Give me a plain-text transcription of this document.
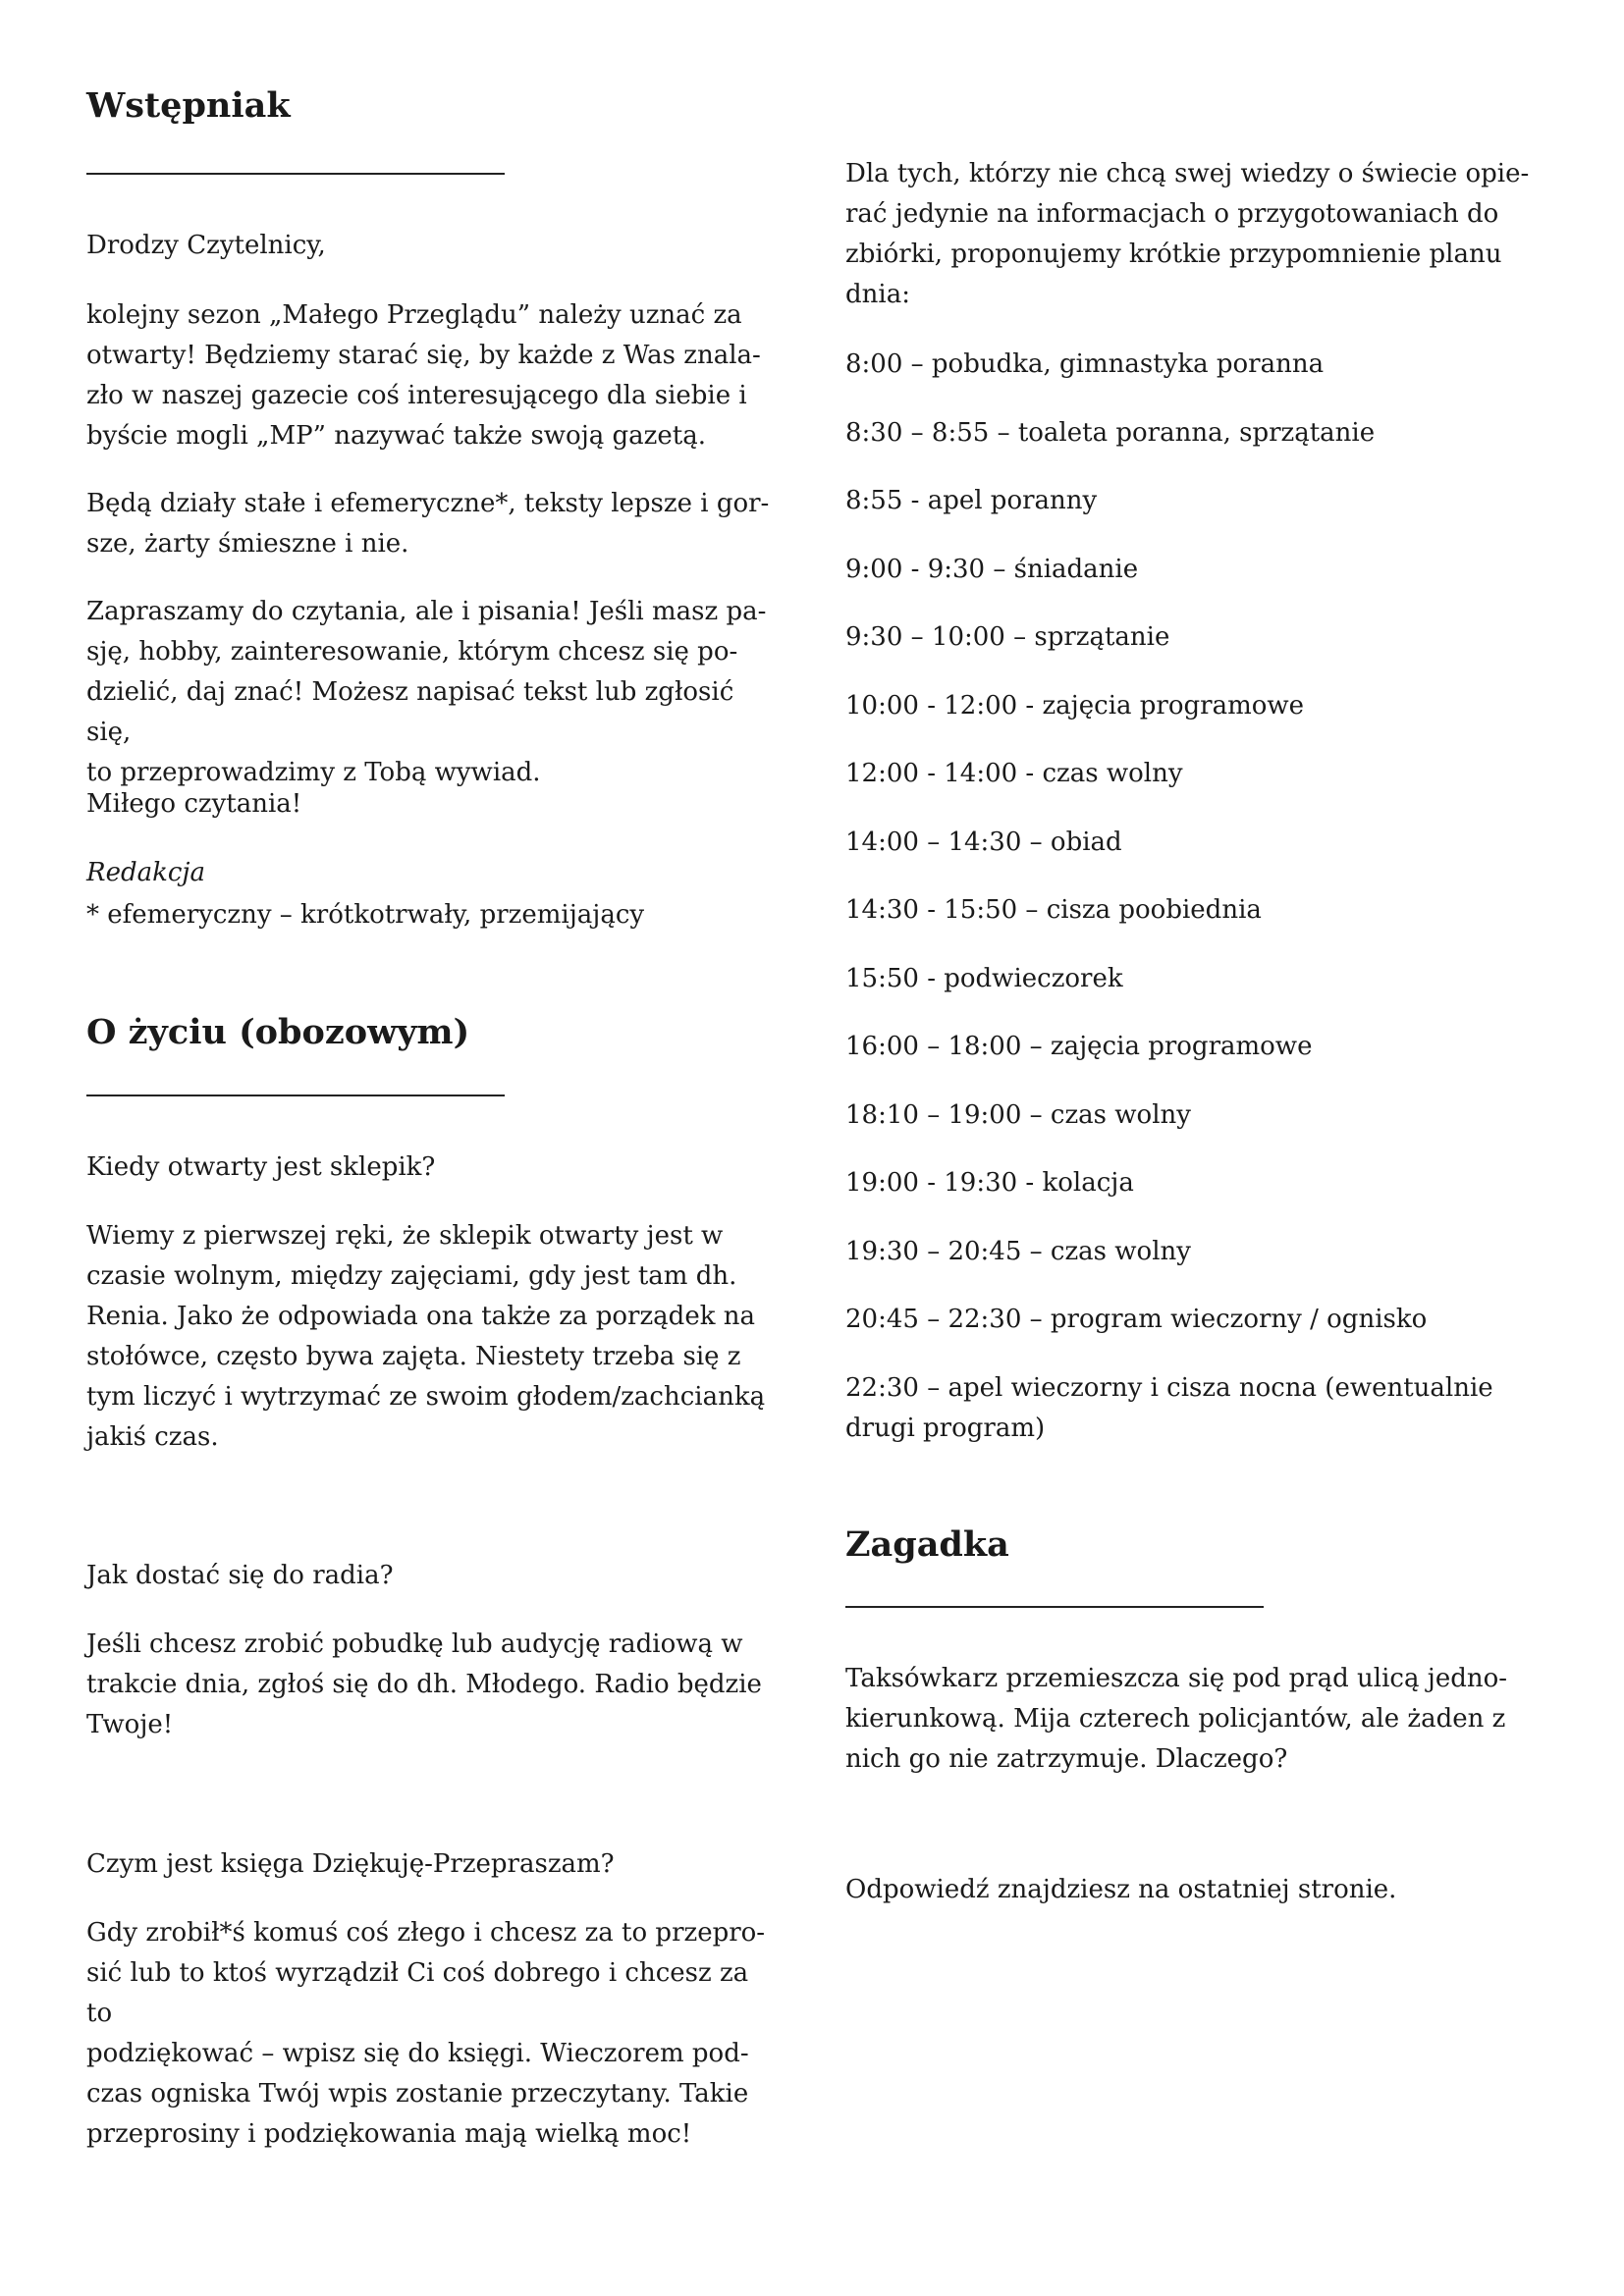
Wstępniak

Drodzy Czytelnicy,

kolejny sezon „Małego Przeglądu” należy uznać za
otwarty! Będziemy starać się, by każde z Was znala-
zło w naszej gazecie coś interesującego dla siebie i
byście mogli „MP” nazywać także swoją gazetą.

Będą działy stałe i efemeryczne*, teksty lepsze i gor-
sze, żarty śmieszne i nie.

Zapraszamy do czytania, ale i pisania! Jeśli masz pa-
sję, hobby, zainteresowanie, którym chcesz się po-
dzielić, daj znać! Możesz napisać tekst lub zgłosić się,
to przeprowadzimy z Tobą wywiad.

Miłego czytania!

Redakcja

* efemeryczny – krótkotrwały, przemijający

O życiu (obozowym)

Kiedy otwarty jest sklepik?

Wiemy z pierwszej ręki, że sklepik otwarty jest w
czasie wolnym, między zajęciami, gdy jest tam dh.
Renia. Jako że odpowiada ona także za porządek na
stołówce, często bywa zajęta. Niestety trzeba się z
tym liczyć i wytrzymać ze swoim głodem/zachcianką
jakiś czas.

Jak dostać się do radia?

Jeśli chcesz zrobić pobudkę lub audycję radiową w
trakcie dnia, zgłoś się do dh. Młodego. Radio będzie
Twoje!

Czym jest księga Dziękuję-Przepraszam?

Gdy zrobił*ś komuś coś złego i chcesz za to przepro-
sić lub to ktoś wyrządził Ci coś dobrego i chcesz za to
podziękować – wpisz się do księgi. Wieczorem pod-
czas ogniska Twój wpis zostanie przeczytany. Takie
przeprosiny i podziękowania mają wielką moc!

Dla tych, którzy nie chcą swej wiedzy o świecie opie-
rać jedynie na informacjach o przygotowaniach do
zbiórki, proponujemy krótkie przypomnienie planu
dnia:

8:00 – pobudka, gimnastyka poranna

8:30 – 8:55 – toaleta poranna, sprzątanie

8:55 - apel poranny

9:00 - 9:30 – śniadanie

9:30 – 10:00 – sprzątanie

10:00 - 12:00 - zajęcia programowe

12:00 - 14:00 - czas wolny

14:00 – 14:30 – obiad

14:30 - 15:50 – cisza poobiednia

15:50 - podwieczorek

16:00 – 18:00 – zajęcia programowe

18:10 – 19:00 – czas wolny

19:00 - 19:30 - kolacja

19:30 – 20:45 – czas wolny

20:45 – 22:30 – program wieczorny / ognisko

22:30 – apel wieczorny i cisza nocna (ewentualnie
drugi program)

Zagadka

Taksówkarz przemieszcza się pod prąd ulicą jedno-
kierunkową. Mija czterech policjantów, ale żaden z
nich go nie zatrzymuje. Dlaczego?

Odpowiedź znajdziesz na ostatniej stronie.
